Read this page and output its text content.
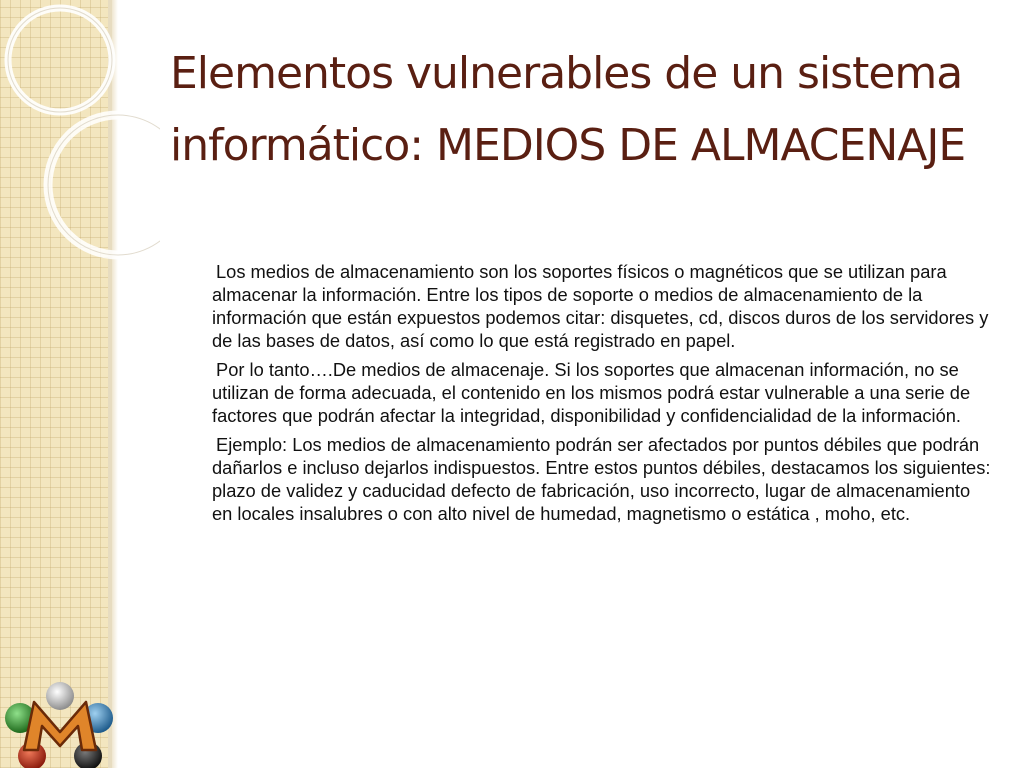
Elementos vulnerables de un sistema informático: MEDIOS DE ALMACENAJE

Los medios de almacenamiento son los soportes físicos o magnéticos que se utilizan para almacenar la información. Entre los tipos de soporte o medios de almacenamiento de la información que están expuestos podemos citar: disquetes, cd, discos duros de los servidores y de las bases de datos, así como lo que está registrado en papel.

Por lo tanto….De medios de almacenaje. Si los soportes que almacenan información, no se utilizan de forma adecuada, el contenido en los mismos podrá estar vulnerable a una serie de factores que podrán afectar la integridad, disponibilidad y confidencialidad de la información.

Ejemplo: Los medios de almacenamiento podrán ser afectados por puntos débiles que podrán dañarlos e incluso dejarlos indispuestos. Entre estos puntos débiles, destacamos los siguientes: plazo de validez y caducidad defecto de fabricación, uso incorrecto, lugar de almacenamiento en locales insalubres o con alto nivel de humedad, magnetismo o estática , moho, etc.
